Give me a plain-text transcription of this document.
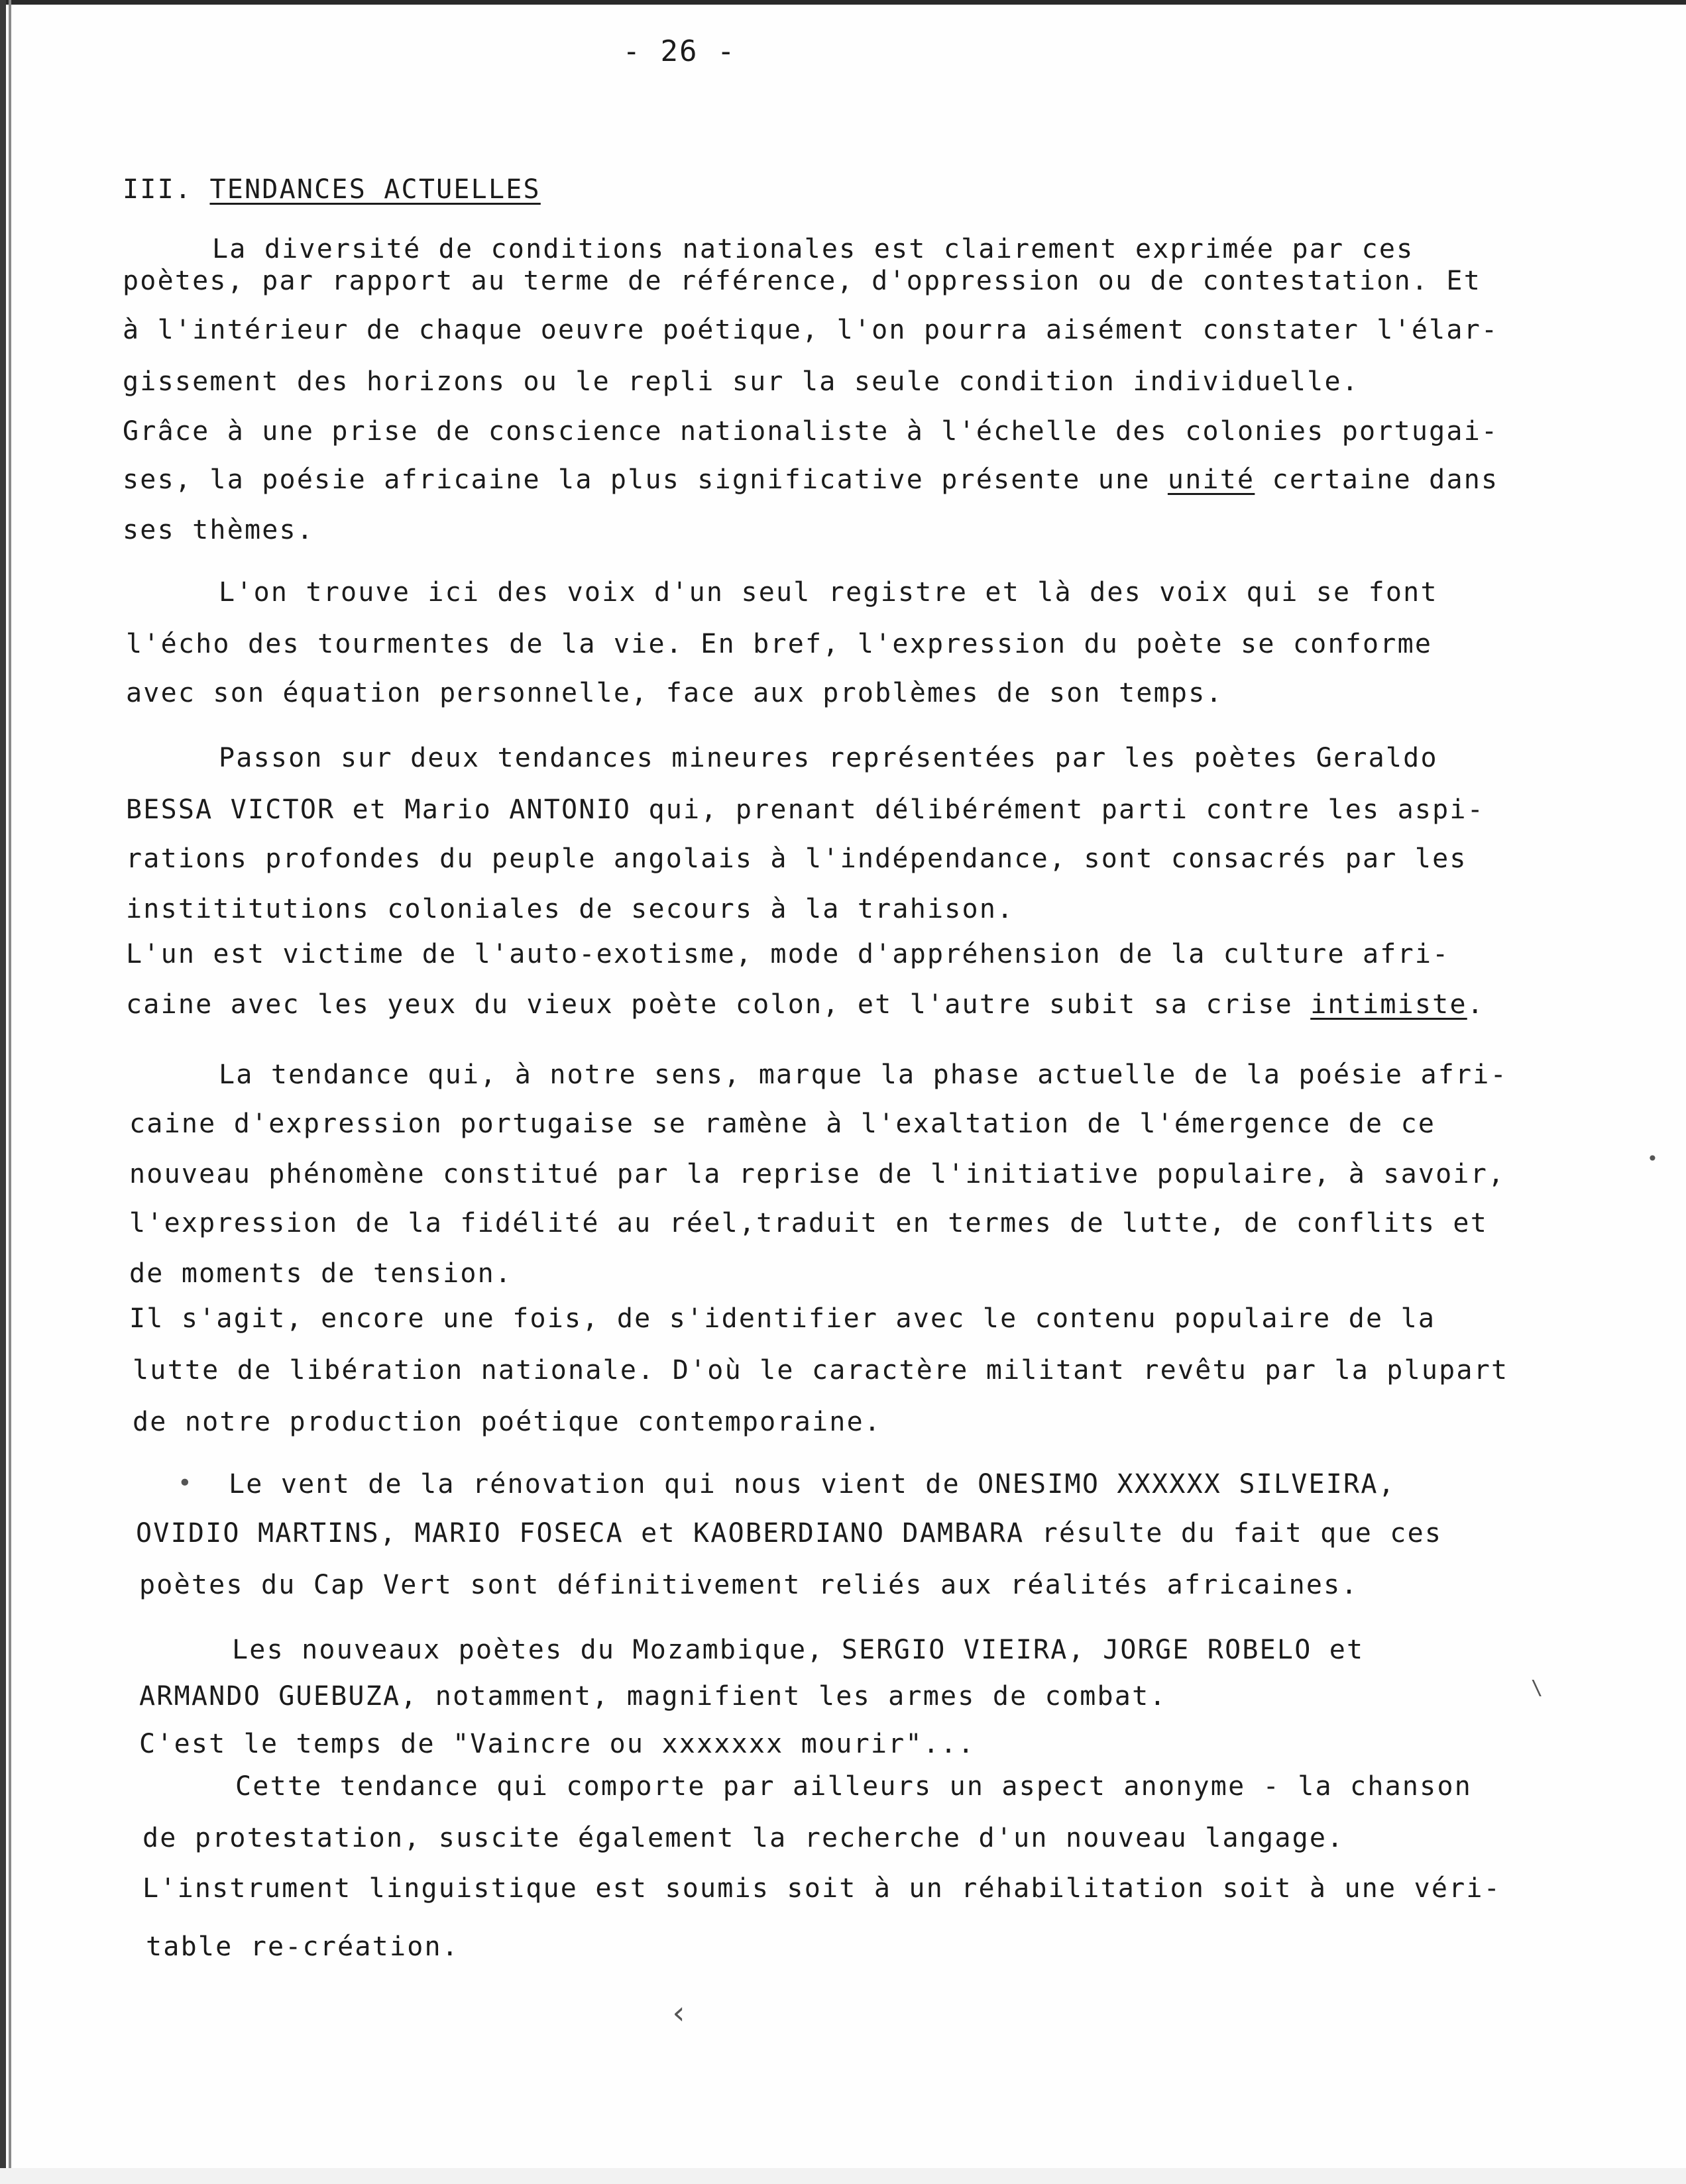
- 26 -
III. TENDANCES ACTUELLES
La diversité de conditions nationales est clairement exprimée par ces
poètes, par rapport au terme de référence, d'oppression ou de contestation. Et
à l'intérieur de chaque oeuvre poétique, l'on pourra aisément constater l'élar-
gissement des horizons ou le repli sur la seule condition individuelle.
Grâce à une prise de conscience nationaliste à l'échelle des colonies portugai-
ses, la poésie africaine la plus significative présente une unité certaine dans
ses thèmes.
L'on trouve ici des voix d'un seul registre et là des voix qui se font
l'écho des tourmentes de la vie. En bref, l'expression du poète se conforme
avec son équation personnelle, face aux problèmes de son temps.
Passon sur deux tendances mineures représentées par les poètes Geraldo
BESSA VICTOR et Mario ANTONIO qui, prenant délibérément parti contre les aspi-
rations profondes du peuple angolais à l'indépendance, sont consacrés par les
instititutions coloniales de secours à la trahison.
L'un est victime de l'auto-exotisme, mode d'appréhension de la culture afri-
caine avec les yeux du vieux poète colon, et l'autre subit sa crise intimiste.
La tendance qui, à notre sens, marque la phase actuelle de la poésie afri-
caine d'expression portugaise se ramène à l'exaltation de l'émergence de ce
nouveau phénomène constitué par la reprise de l'initiative populaire, à savoir,
l'expression de la fidélité au réel,traduit en termes de lutte, de conflits et
de moments de tension.
Il s'agit, encore une fois, de s'identifier avec le contenu populaire de la
lutte de libération nationale. D'où le caractère militant revêtu par la plupart
de notre production poétique contemporaine.
• Le vent de la rénovation qui nous vient de ONESIMO XXXXXX SILVEIRA,
OVIDIO MARTINS, MARIO FOSECA et KAOBERDIANO DAMBARA résulte du fait que ces
poètes du Cap Vert sont définitivement reliés aux réalités africaines.
Les nouveaux poètes du Mozambique, SERGIO VIEIRA, JORGE ROBELO et
ARMANDO GUEBUZA, notamment, magnifient les armes de combat.
C'est le temps de "Vaincre ou xxxxxxx mourir"...
Cette tendance qui comporte par ailleurs un aspect anonyme - la chanson
de protestation, suscite également la recherche d'un nouveau langage.
L'instrument linguistique est soumis soit à un réhabilitation soit à une véri-
table re-création.
‹
•
\
